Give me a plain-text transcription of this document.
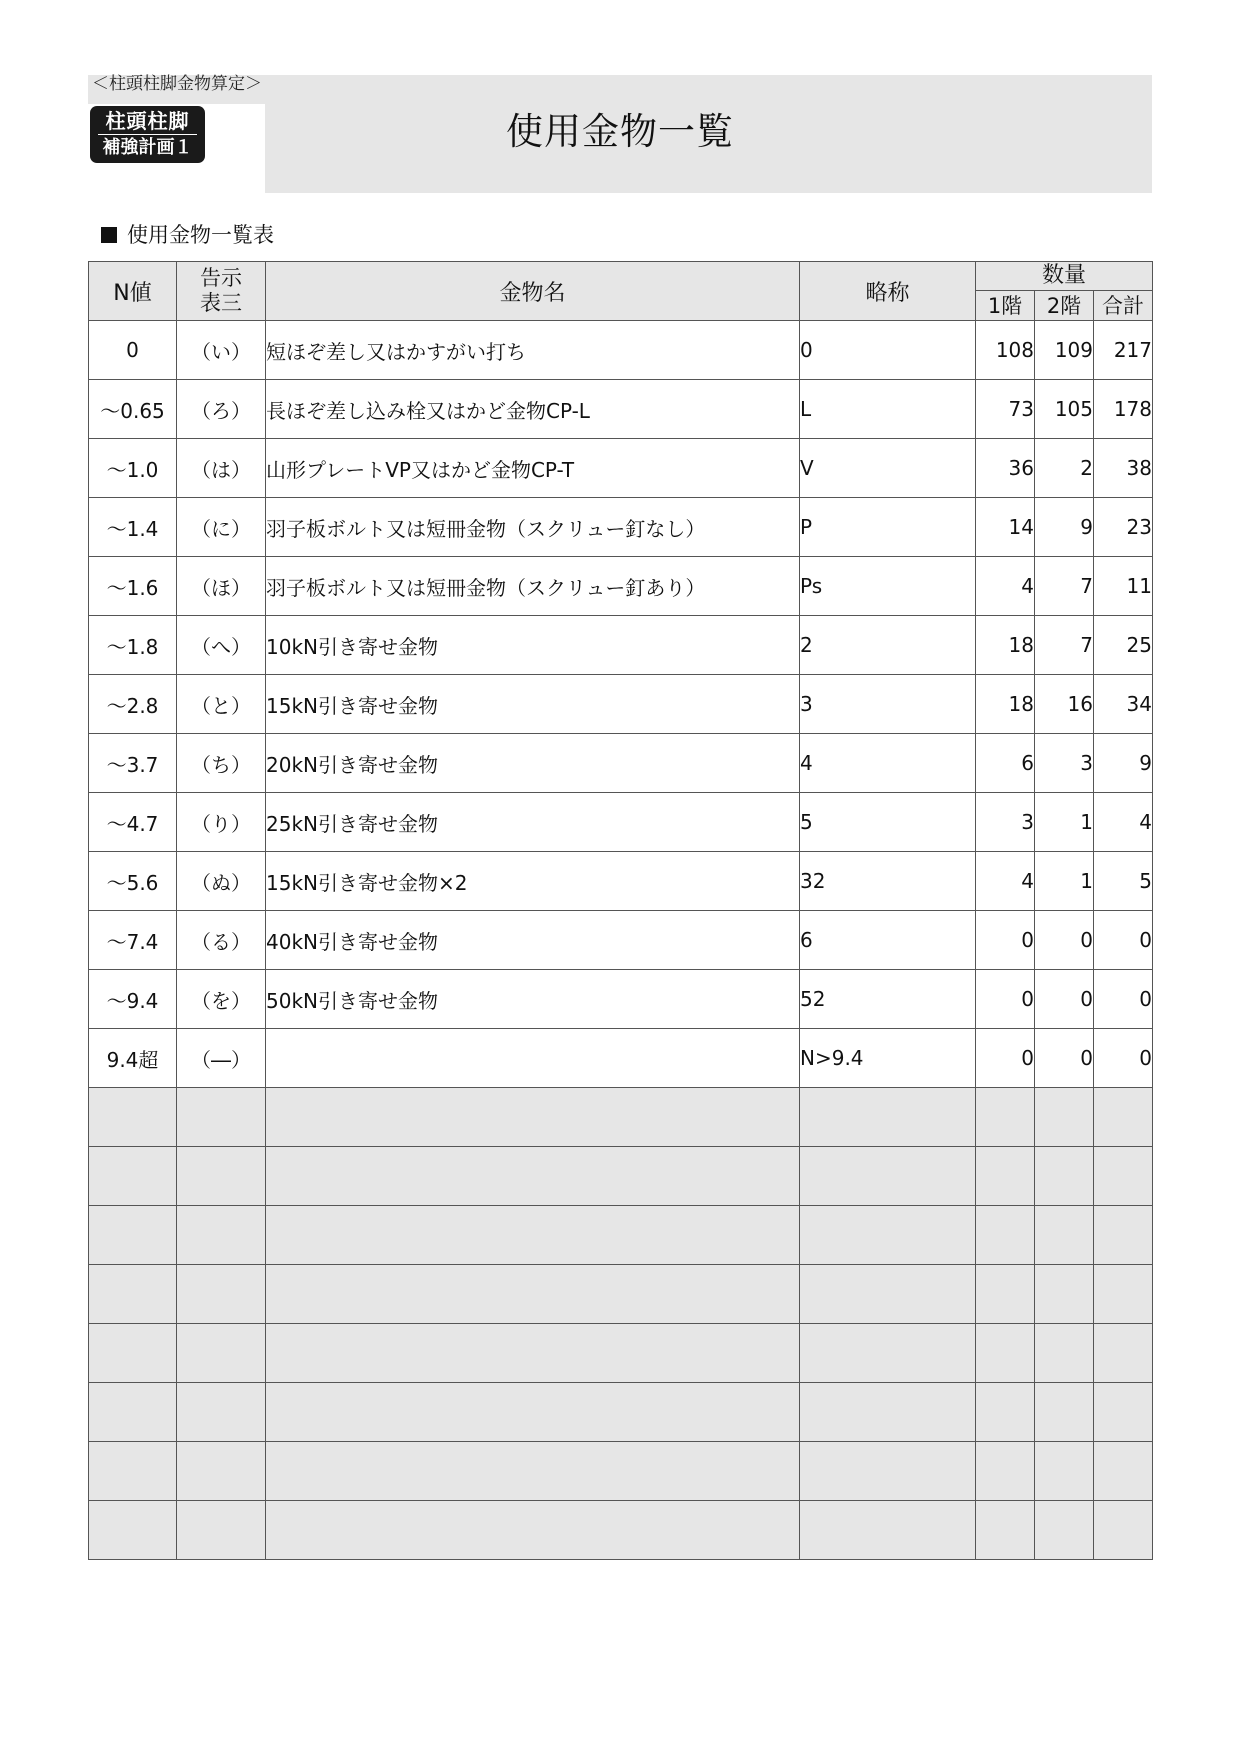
＜柱頭柱脚金物算定＞
柱頭柱脚
補強計画１	使用金物一覧
使用金物一覧表
N値	告示
表三	金物名	略称	数量		
				1階	2階	合計
0	（い）	短ほぞ差し又はかすがい打ち	0	108	109	217
～0.65	（ろ）	長ほぞ差し込み栓又はかど金物CP-L	L	73	105	178
～1.0	（は）	山形プレートVP又はかど金物CP-T	V	36	2	38
～1.4	（に）	羽子板ボルト又は短冊金物（スクリュー釘なし）	P	14	9	23
～1.6	（ほ）	羽子板ボルト又は短冊金物（スクリュー釘あり）	Ps	4	7	11
～1.8	（へ）	10kN引き寄せ金物	2	18	7	25
～2.8	（と）	15kN引き寄せ金物	3	18	16	34
～3.7	（ち）	20kN引き寄せ金物	4	6	3	9
～4.7	（り）	25kN引き寄せ金物	5	3	1	4
～5.6	（ぬ）	15kN引き寄せ金物×2	32	4	1	5
～7.4	（る）	40kN引き寄せ金物	6	0	0	0
～9.4	（を）	50kN引き寄せ金物	52	0	0	0
9.4超	（―）		N>9.4	0	0	0
